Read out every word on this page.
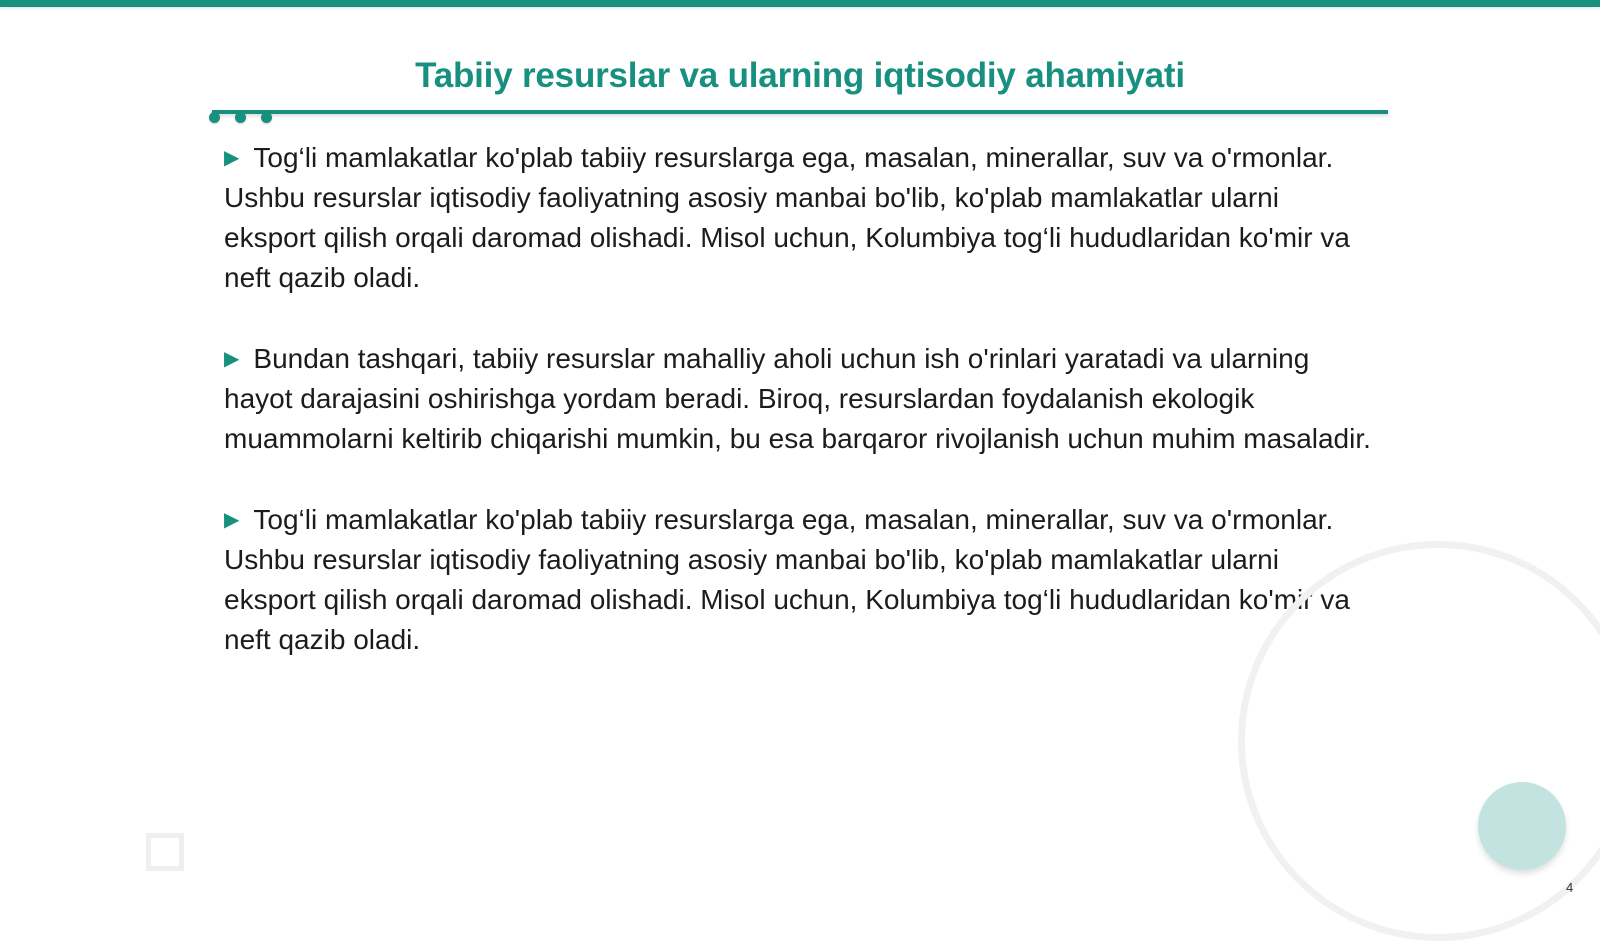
Tabiiy resurslar va ularning iqtisodiy ahamiyati

▶ Tog‘li mamlakatlar ko'plab tabiiy resurslarga ega, masalan, minerallar, suv va o'rmonlar. Ushbu resurslar iqtisodiy faoliyatning asosiy manbai bo'lib, ko'plab mamlakatlar ularni eksport qilish orqali daromad olishadi. Misol uchun, Kolumbiya tog‘li hududlaridan ko'mir va neft qazib oladi.

▶ Bundan tashqari, tabiiy resurslar mahalliy aholi uchun ish o'rinlari yaratadi va ularning hayot darajasini oshirishga yordam beradi. Biroq, resurslardan foydalanish ekologik muammolarni keltirib chiqarishi mumkin, bu esa barqaror rivojlanish uchun muhim masaladir.

▶ Tog‘li mamlakatlar ko'plab tabiiy resurslarga ega, masalan, minerallar, suv va o'rmonlar. Ushbu resurslar iqtisodiy faoliyatning asosiy manbai bo'lib, ko'plab mamlakatlar ularni eksport qilish orqali daromad olishadi. Misol uchun, Kolumbiya tog‘li hududlaridan ko'mir va neft qazib oladi.

4
